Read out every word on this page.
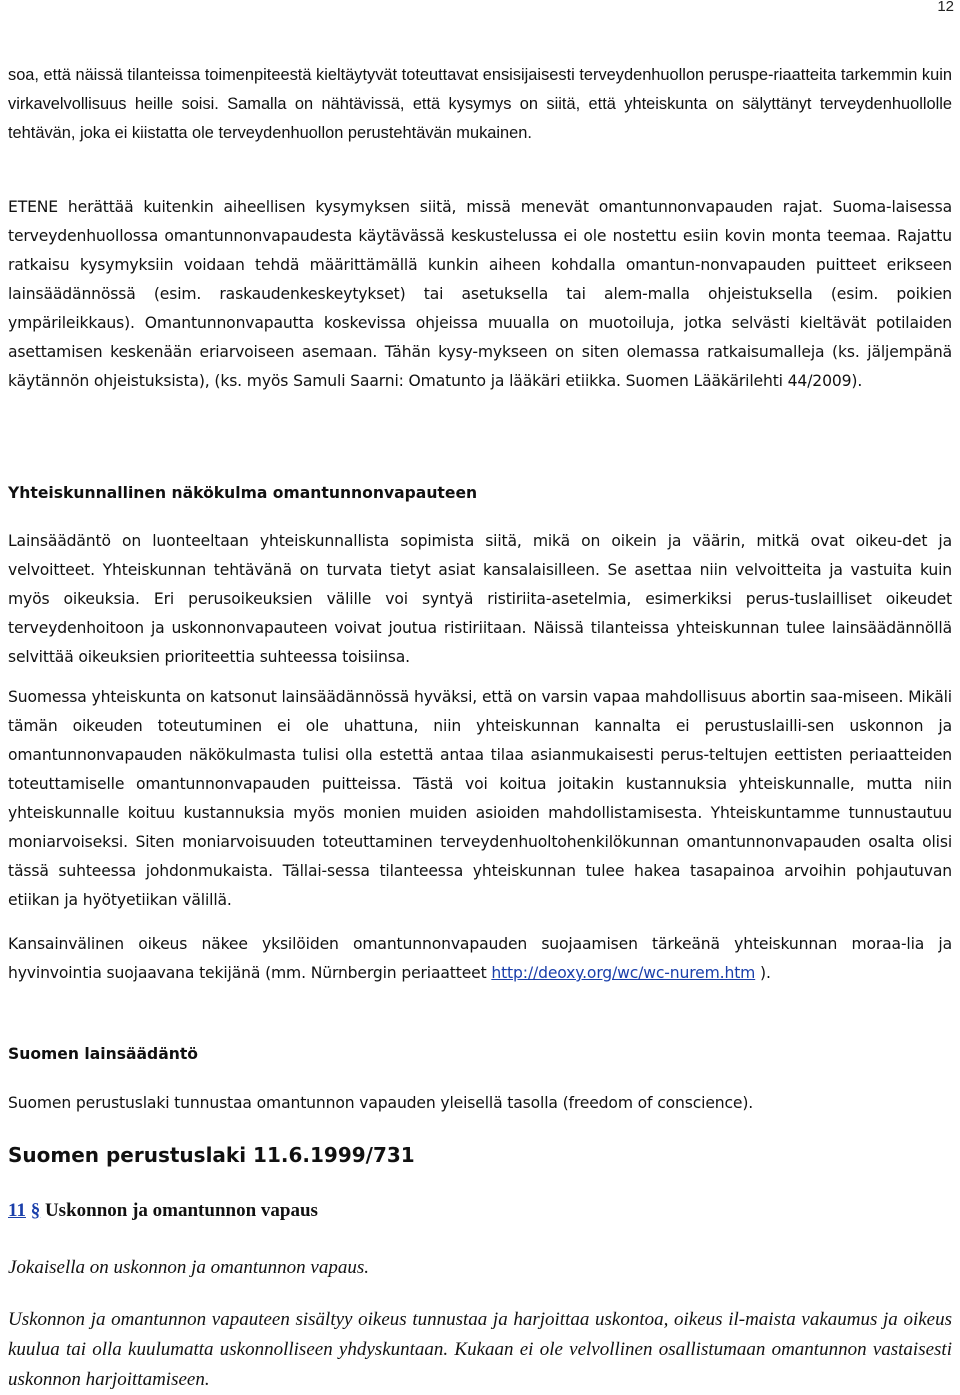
12

soa, että näissä tilanteissa toimenpiteestä kieltäytyvät toteuttavat ensisijaisesti terveydenhuollon peruspe-riaatteita tarkemmin kuin virkavelvollisuus heille soisi. Samalla on nähtävissä, että kysymys on siitä, että yhteiskunta on sälyttänyt terveydenhuollolle tehtävän, joka ei kiistatta ole terveydenhuollon perustehtävän mukainen.

ETENE herättää kuitenkin aiheellisen kysymyksen siitä, missä menevät omantunnonvapauden rajat. Suoma-laisessa terveydenhuollossa omantunnonvapaudesta käytävässä keskustelussa ei ole nostettu esiin kovin monta teemaa. Rajattu ratkaisu kysymyksiin voidaan tehdä määrittämällä kunkin aiheen kohdalla omantun-nonvapauden puitteet erikseen lainsäädännössä (esim. raskaudenkeskeytykset) tai asetuksella tai alem-malla ohjeistuksella (esim. poikien ympärileikkaus). Omantunnonvapautta koskevissa ohjeissa muualla on muotoiluja, jotka selvästi kieltävät potilaiden asettamisen keskenään eriarvoiseen asemaan. Tähän kysy-mykseen on siten olemassa ratkaisumalleja (ks. jäljempänä käytännön ohjeistuksista), (ks. myös Samuli Saarni: Omatunto ja lääkäri etiikka. Suomen Lääkärilehti 44/2009).

Yhteiskunnallinen näkökulma omantunnonvapauteen

Lainsäädäntö on luonteeltaan yhteiskunnallista sopimista siitä, mikä on oikein ja väärin, mitkä ovat oikeu-det ja velvoitteet. Yhteiskunnan tehtävänä on turvata tietyt asiat kansalaisilleen. Se asettaa niin velvoitteita ja vastuita kuin myös oikeuksia. Eri perusoikeuksien välille voi syntyä ristiriita-asetelmia, esimerkiksi perus-tuslailliset oikeudet terveydenhoitoon ja uskonnonvapauteen voivat joutua ristiriitaan. Näissä tilanteissa yhteiskunnan tulee lainsäädännöllä selvittää oikeuksien prioriteettia suhteessa toisiinsa.

Suomessa yhteiskunta on katsonut lainsäädännössä hyväksi, että on varsin vapaa mahdollisuus abortin saa-miseen. Mikäli tämän oikeuden toteutuminen ei ole uhattuna, niin yhteiskunnan kannalta ei perustuslailli-sen uskonnon ja omantunnonvapauden näkökulmasta tulisi olla estettä antaa tilaa asianmukaisesti perus-teltujen eettisten periaatteiden toteuttamiselle omantunnonvapauden puitteissa. Tästä voi koitua joitakin kustannuksia yhteiskunnalle, mutta niin yhteiskunnalle koituu kustannuksia myös monien muiden asioiden mahdollistamisesta. Yhteiskuntamme tunnustautuu moniarvoiseksi. Siten moniarvoisuuden toteuttaminen terveydenhuoltohenkilökunnan omantunnonvapauden osalta olisi tässä suhteessa johdonmukaista. Tällai-sessa tilanteessa yhteiskunnan tulee hakea tasapainoa arvoihin pohjautuvan etiikan ja hyötyetiikan välillä.

Kansainvälinen oikeus näkee yksilöiden omantunnonvapauden suojaamisen tärkeänä yhteiskunnan moraa-lia ja hyvinvointia suojaavana tekijänä (mm. Nürnbergin periaatteet http://deoxy.org/wc/wc-nurem.htm ).

Suomen lainsäädäntö

Suomen perustuslaki tunnustaa omantunnon vapauden yleisellä tasolla (freedom of conscience).

Suomen perustuslaki 11.6.1999/731

11 § Uskonnon ja omantunnon vapaus

Jokaisella on uskonnon ja omantunnon vapaus.

Uskonnon ja omantunnon vapauteen sisältyy oikeus tunnustaa ja harjoittaa uskontoa, oikeus il-maista vakaumus ja oikeus kuulua tai olla kuulumatta uskonnolliseen yhdyskuntaan. Kukaan ei ole velvollinen osallistumaan omantunnon vastaisesti uskonnon harjoittamiseen.
